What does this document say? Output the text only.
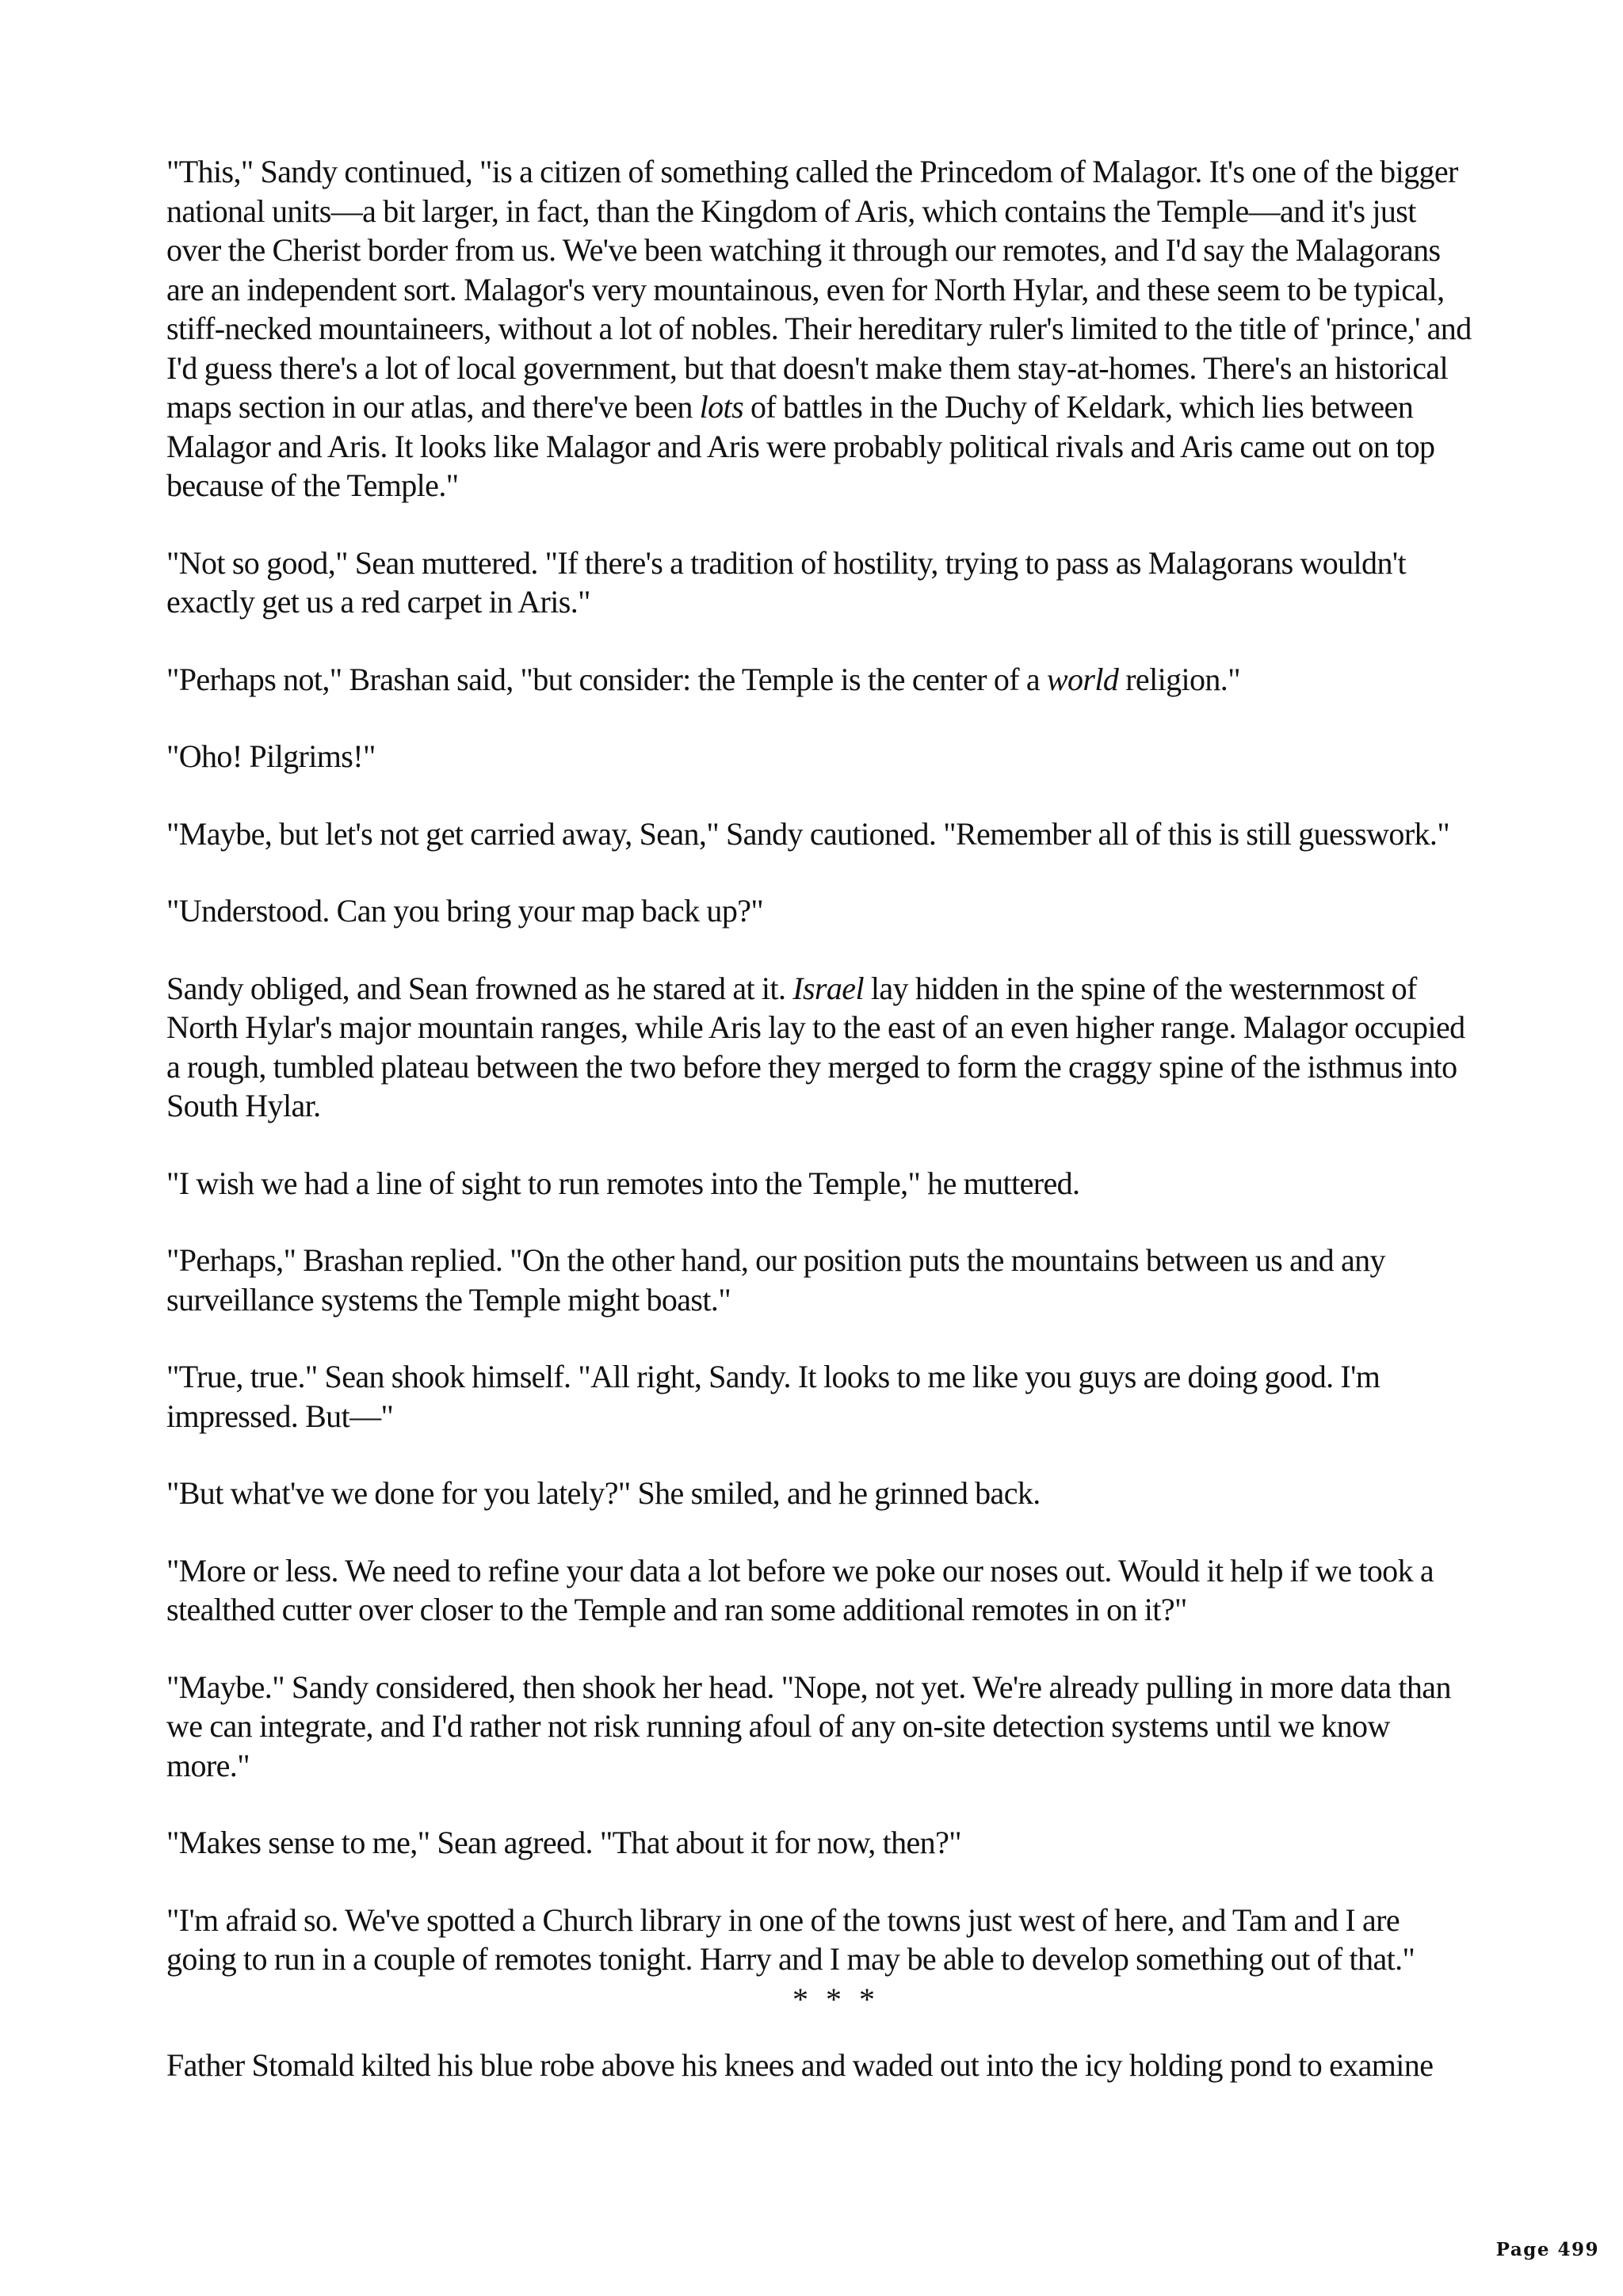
"This," Sandy continued, "is a citizen of something called the Princedom of Malagor. It's one of the bigger national units—a bit larger, in fact, than the Kingdom of Aris, which contains the Temple—and it's just over the Cherist border from us. We've been watching it through our remotes, and I'd say the Malagorans are an independent sort. Malagor's very mountainous, even for North Hylar, and these seem to be typical, stiff-necked mountaineers, without a lot of nobles. Their hereditary ruler's limited to the title of 'prince,' and I'd guess there's a lot of local government, but that doesn't make them stay-at-homes. There's an historical maps section in our atlas, and there've been lots of battles in the Duchy of Keldark, which lies between Malagor and Aris. It looks like Malagor and Aris were probably political rivals and Aris came out on top because of the Temple."

"Not so good," Sean muttered. "If there's a tradition of hostility, trying to pass as Malagorans wouldn't exactly get us a red carpet in Aris."

"Perhaps not," Brashan said, "but consider: the Temple is the center of a world religion."

"Oho! Pilgrims!"

"Maybe, but let's not get carried away, Sean," Sandy cautioned. "Remember all of this is still guesswork."

"Understood. Can you bring your map back up?"

Sandy obliged, and Sean frowned as he stared at it. Israel lay hidden in the spine of the westernmost of North Hylar's major mountain ranges, while Aris lay to the east of an even higher range. Malagor occupied a rough, tumbled plateau between the two before they merged to form the craggy spine of the isthmus into South Hylar.

"I wish we had a line of sight to run remotes into the Temple," he muttered.

"Perhaps," Brashan replied. "On the other hand, our position puts the mountains between us and any surveillance systems the Temple might boast."

"True, true." Sean shook himself. "All right, Sandy. It looks to me like you guys are doing good. I'm impressed. But—"

"But what've we done for you lately?" She smiled, and he grinned back.

"More or less. We need to refine your data a lot before we poke our noses out. Would it help if we took a stealthed cutter over closer to the Temple and ran some additional remotes in on it?"

"Maybe." Sandy considered, then shook her head. "Nope, not yet. We're already pulling in more data than we can integrate, and I'd rather not risk running afoul of any on-site detection systems until we know more."

"Makes sense to me," Sean agreed. "That about it for now, then?"

"I'm afraid so. We've spotted a Church library in one of the towns just west of here, and Tam and I are going to run in a couple of remotes tonight. Harry and I may be able to develop something out of that."

* * *

Father Stomald kilted his blue robe above his knees and waded out into the icy holding pond to examine

Page 499
